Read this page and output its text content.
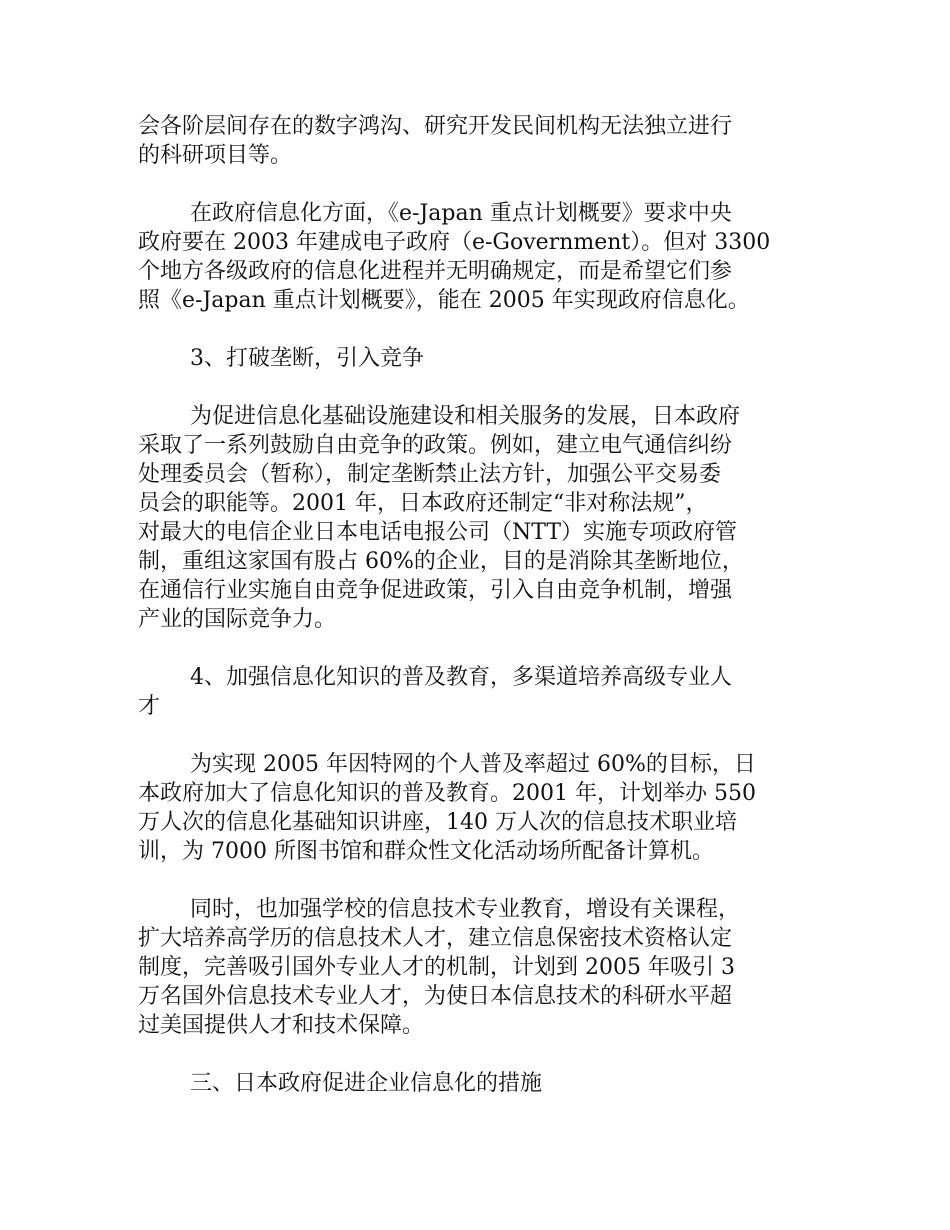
会各阶层间存在的数字鸿沟、研究开发民间机构无法独立进行
的科研项目等。

在政府信息化方面，《e-Japan 重点计划概要》要求中央
政府要在 2003 年建成电子政府（e-Government）。但对 3300
个地方各级政府的信息化进程并无明确规定，而是希望它们参
照《e-Japan 重点计划概要》，能在 2005 年实现政府信息化。

3、打破垄断，引入竞争

为促进信息化基础设施建设和相关服务的发展，日本政府
采取了一系列鼓励自由竞争的政策。例如，建立电气通信纠纷
处理委员会（暂称），制定垄断禁止法方针，加强公平交易委
员会的职能等。2001 年，日本政府还制定“非对称法规”，
对最大的电信企业日本电话电报公司（NTT）实施专项政府管
制，重组这家国有股占 60%的企业，目的是消除其垄断地位，
在通信行业实施自由竞争促进政策，引入自由竞争机制，增强
产业的国际竞争力。

4、加强信息化知识的普及教育，多渠道培养高级专业人
才

为实现 2005 年因特网的个人普及率超过 60%的目标，日
本政府加大了信息化知识的普及教育。2001 年，计划举办 550
万人次的信息化基础知识讲座，140 万人次的信息技术职业培
训，为 7000 所图书馆和群众性文化活动场所配备计算机。

同时，也加强学校的信息技术专业教育，增设有关课程，
扩大培养高学历的信息技术人才，建立信息保密技术资格认定
制度，完善吸引国外专业人才的机制，计划到 2005 年吸引 3
万名国外信息技术专业人才，为使日本信息技术的科研水平超
过美国提供人才和技术保障。

三、日本政府促进企业信息化的措施
